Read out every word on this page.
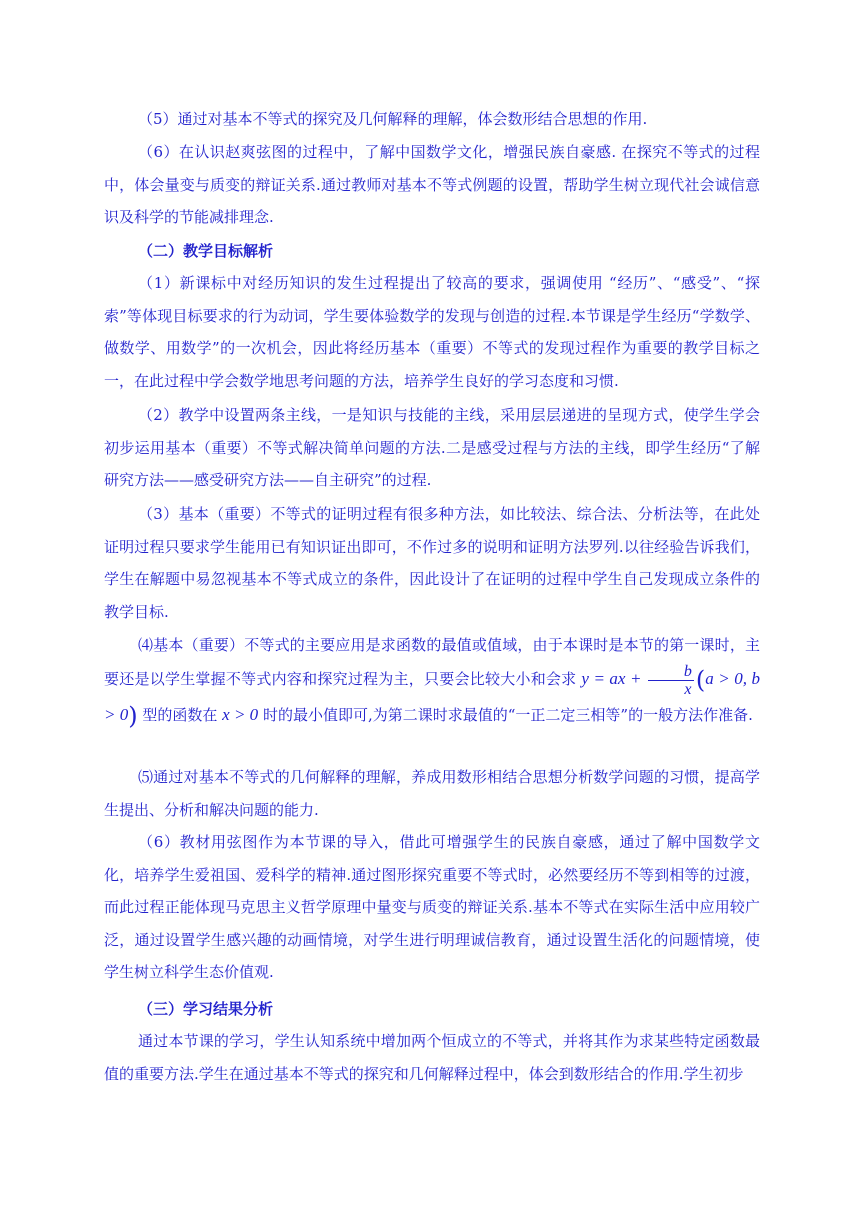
（5）通过对基本不等式的探究及几何解释的理解，体会数形结合思想的作用.

（6）在认识赵爽弦图的过程中，了解中国数学文化，增强民族自豪感. 在探究不等式的过程中，体会量变与质变的辩证关系.通过教师对基本不等式例题的设置，帮助学生树立现代社会诚信意识及科学的节能减排理念.

（二）教学目标解析

（1）新课标中对经历知识的发生过程提出了较高的要求，强调使用 “经历”、“感受”、“探索”等体现目标要求的行为动词，学生要体验数学的发现与创造的过程.本节课是学生经历“学数学、做数学、用数学”的一次机会，因此将经历基本（重要）不等式的发现过程作为重要的教学目标之一，在此过程中学会数学地思考问题的方法，培养学生良好的学习态度和习惯.

（2）教学中设置两条主线，一是知识与技能的主线，采用层层递进的呈现方式，使学生学会初步运用基本（重要）不等式解决简单问题的方法.二是感受过程与方法的主线，即学生经历“了解研究方法——感受研究方法——自主研究”的过程.

（3）基本（重要）不等式的证明过程有很多种方法，如比较法、综合法、分析法等，在此处证明过程只要求学生能用已有知识证出即可，不作过多的说明和证明方法罗列.以往经验告诉我们，学生在解题中易忽视基本不等式成立的条件，因此设计了在证明的过程中学生自己发现成立条件的教学目标.

⑷基本（重要）不等式的主要应用是求函数的最值或值域，由于本课时是本节的第一课时，主要还是以学生掌握不等式内容和探究过程为主，只要会比较大小和会求 y = ax + $\frac{b}{x} (a > 0$, b > 0) 型的函数在 x > 0 时的最小值即可,为第二课时求最值的“一正二定三相等”的一般方法作准备.

⑸通过对基本不等式的几何解释的理解，养成用数形相结合思想分析数学问题的习惯，提高学生提出、分析和解决问题的能力.

（6）教材用弦图作为本节课的导入，借此可增强学生的民族自豪感，通过了解中国数学文化，培养学生爱祖国、爱科学的精神.通过图形探究重要不等式时，必然要经历不等到相等的过渡，而此过程正能体现马克思主义哲学原理中量变与质变的辩证关系.基本不等式在实际生活中应用较广泛，通过设置学生感兴趣的动画情境，对学生进行明理诚信教育，通过设置生活化的问题情境，使学生树立科学生态价值观.

（三）学习结果分析

通过本节课的学习，学生认知系统中增加两个恒成立的不等式，并将其作为求某些特定函数最值的重要方法.学生在通过基本不等式的探究和几何解释过程中，体会到数形结合的作用.学生初步
